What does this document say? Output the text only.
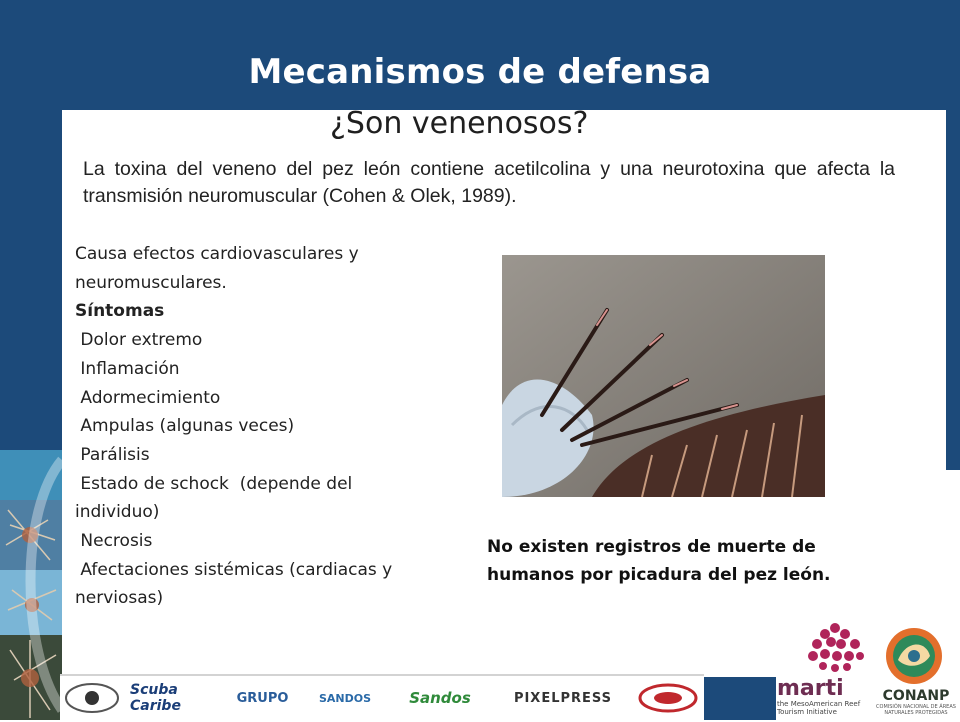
Mecanismos de defensa
¿Son venenosos?
La toxina del veneno del pez león contiene acetilcolina y una neurotoxina que afecta la transmisión neuromuscular (Cohen & Olek, 1989).
Causa efectos cardiovasculares y
neuromusculares.
Síntomas
Dolor extremo
Inflamación
Adormecimiento
Ampulas (algunas veces)
Parálisis
Estado de schock  (depende del
individuo)
Necrosis
Afectaciones sistémicas (cardiacas y
nerviosas)
No existen registros de muerte de humanos por picadura del pez león.
Scuba Caribe	GRUPO	SANDOS	Sandos	PIXELPRESS	marti
the MesoAmerican Reef Tourism Initiative
CONANP
COMISIÓN NACIONAL DE ÁREAS NATURALES PROTEGIDAS
